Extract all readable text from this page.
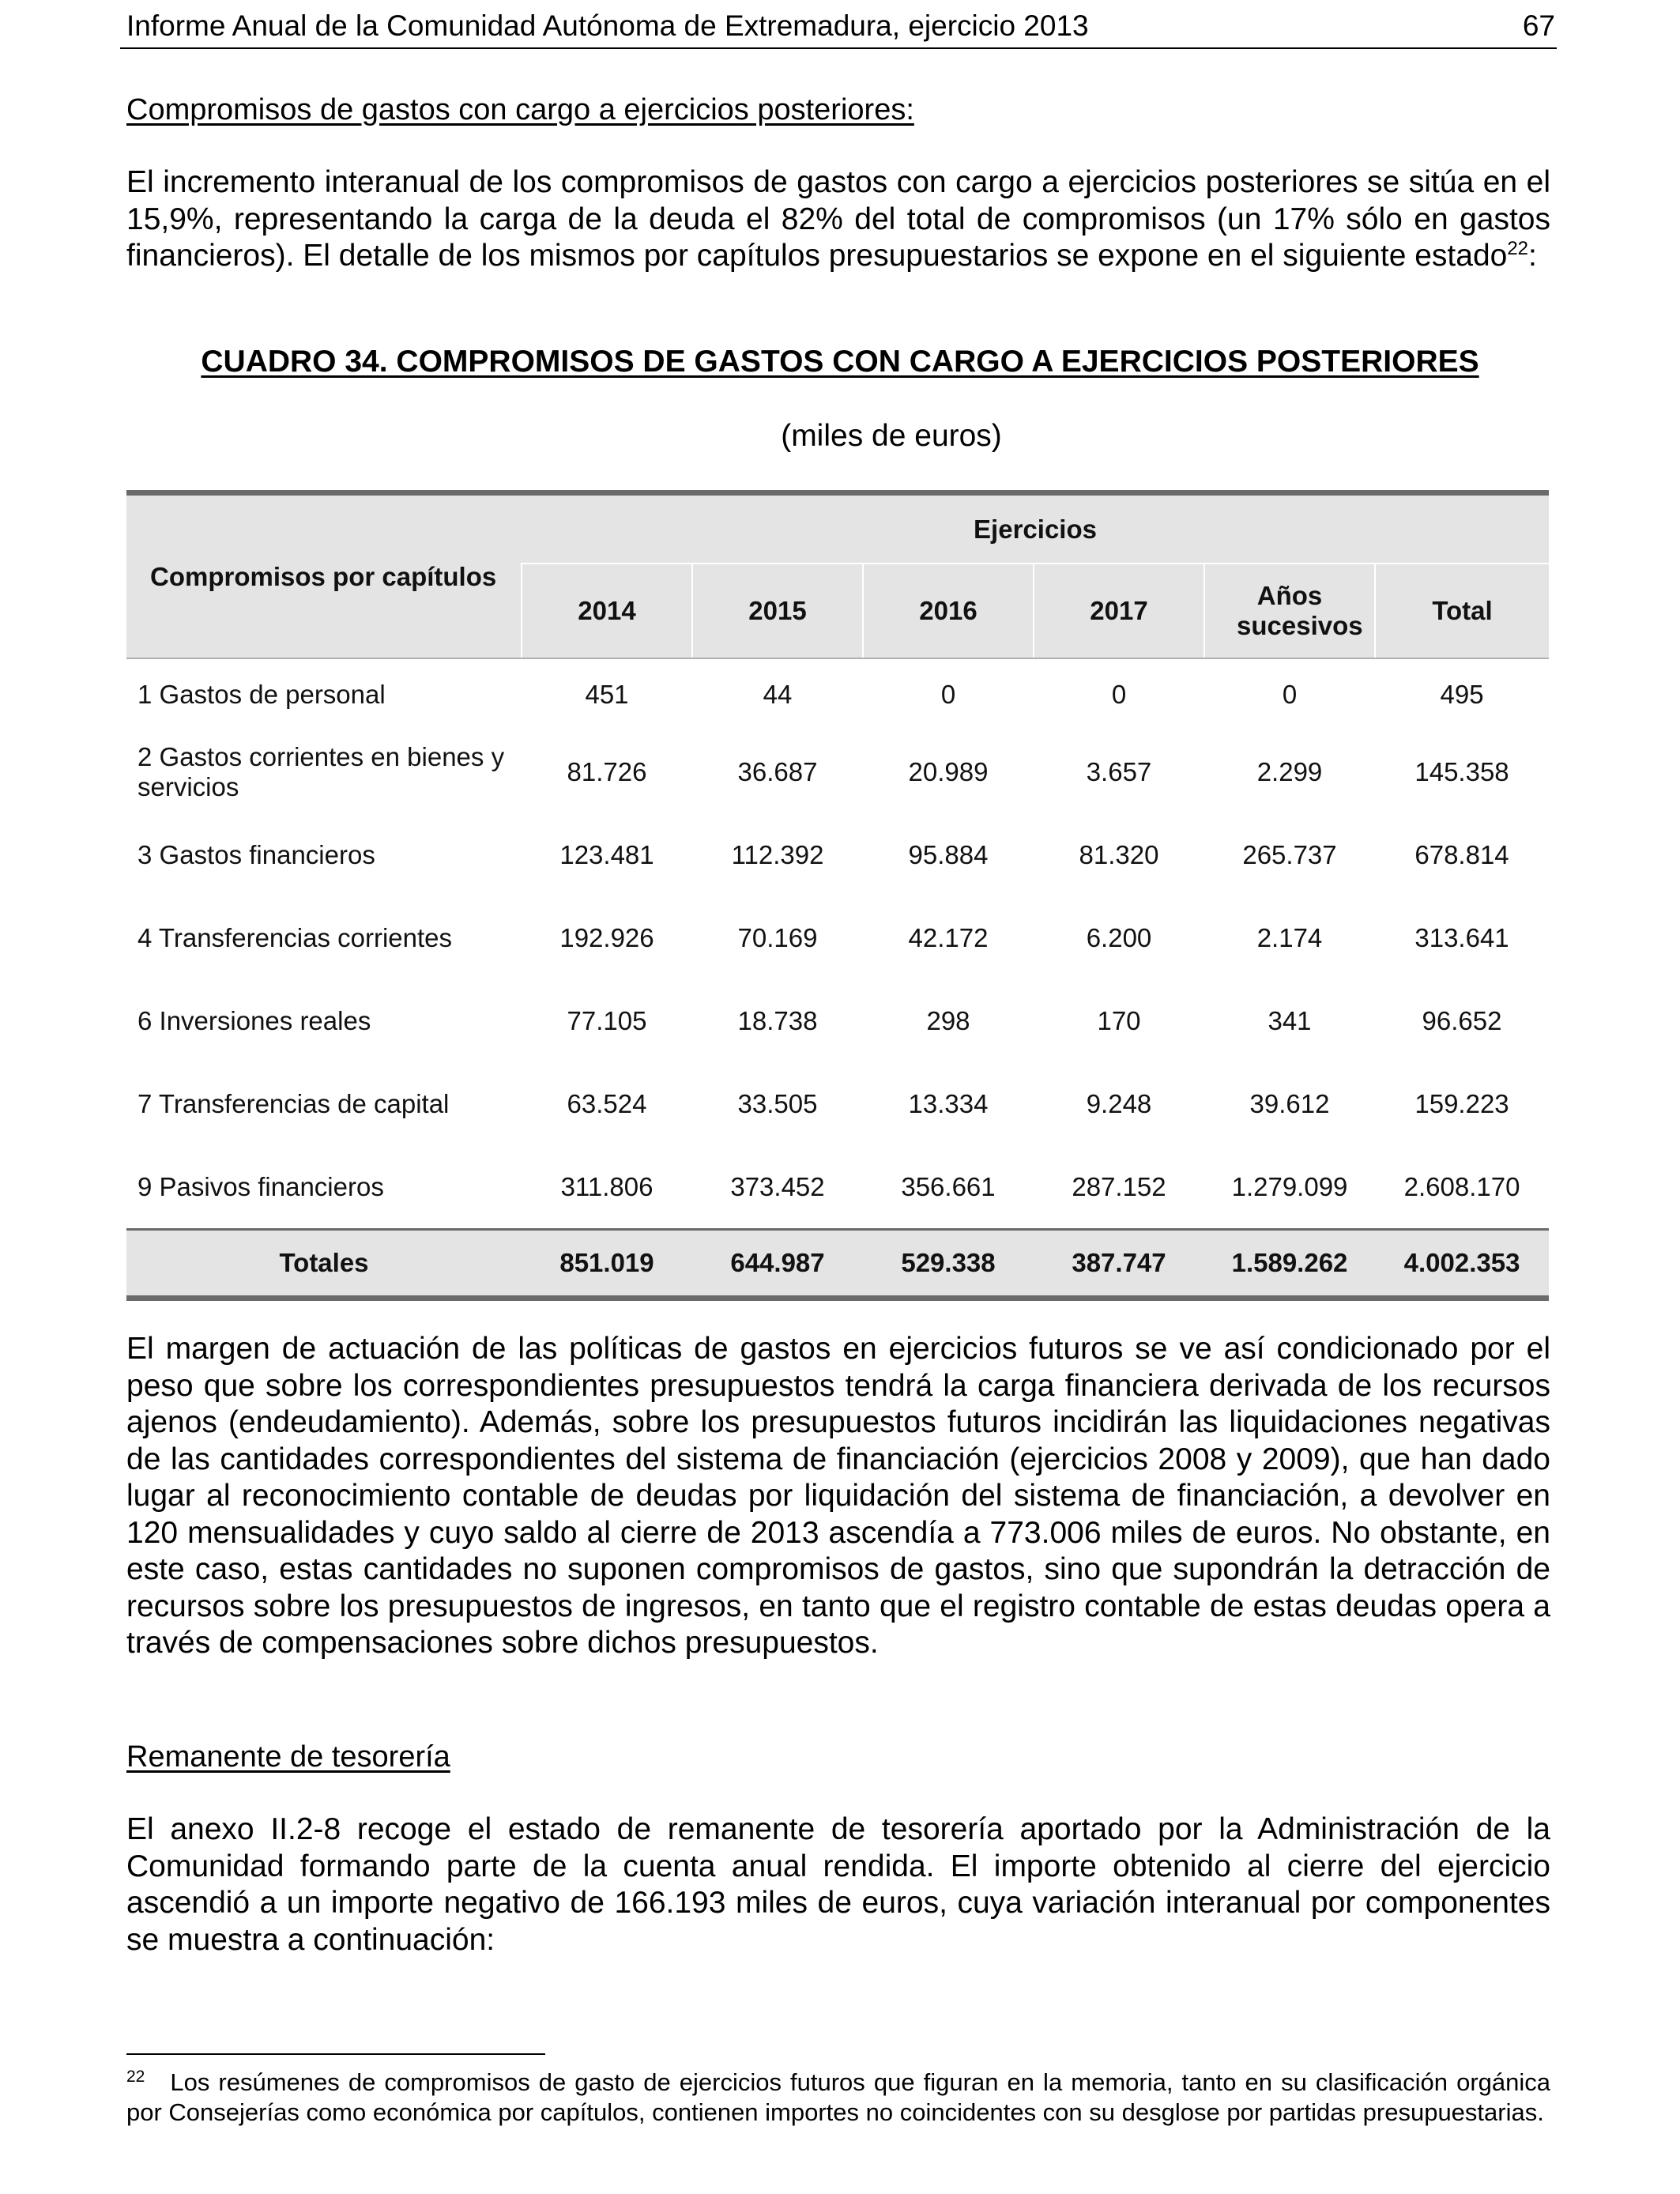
Informe Anual de la Comunidad Autónoma de Extremadura, ejercicio 2013	67
Compromisos de gastos con cargo a ejercicios posteriores:

El incremento interanual de los compromisos de gastos con cargo a ejercicios posteriores se sitúa en el 15,9%, representando la carga de la deuda el 82% del total de compromisos (un 17% sólo en gastos financieros). El detalle de los mismos por capítulos presupuestarios se expone en el siguiente estado$^{22}$:

CUADRO 34. COMPROMISOS DE GASTOS CON CARGO A EJERCICIOS POSTERIORES
(miles de euros)
Compromisos por capítulos	Ejercicios					
	2014	2015	2016	2017	Años sucesivos	Total
1 Gastos de personal	451	44	0	0	0	495
2 Gastos corrientes en bienes y servicios	81.726	36.687	20.989	3.657	2.299	145.358
3 Gastos financieros	123.481	112.392	95.884	81.320	265.737	678.814
4 Transferencias corrientes	192.926	70.169	42.172	6.200	2.174	313.641
6 Inversiones reales	77.105	18.738	298	170	341	96.652
7 Transferencias de capital	63.524	33.505	13.334	9.248	39.612	159.223
9 Pasivos financieros	311.806	373.452	356.661	287.152	1.279.099	2.608.170
Totales	851.019	644.987	529.338	387.747	1.589.262	4.002.353

El margen de actuación de las políticas de gastos en ejercicios futuros se ve así condicionado por el peso que sobre los correspondientes presupuestos tendrá la carga financiera derivada de los recursos ajenos (endeudamiento). Además, sobre los presupuestos futuros incidirán las liquidaciones negativas de las cantidades correspondientes del sistema de financiación (ejercicios 2008 y 2009), que han dado lugar al reconocimiento contable de deudas por liquidación del sistema de financiación, a devolver en 120 mensualidades y cuyo saldo al cierre de 2013 ascendía a 773.006 miles de euros. No obstante, en este caso, estas cantidades no suponen compromisos de gastos, sino que supondrán la detracción de recursos sobre los presupuestos de ingresos, en tanto que el registro contable de estas deudas opera a través de compensaciones sobre dichos presupuestos.

Remanente de tesorería

El anexo II.2-8 recoge el estado de remanente de tesorería aportado por la Administración de la Comunidad formando parte de la cuenta anual rendida. El importe obtenido al cierre del ejercicio ascendió a un importe negativo de 166.193 miles de euros, cuya variación interanual por componentes se muestra a continuación:

$^{22}$ Los resúmenes de compromisos de gasto de ejercicios futuros que figuran en la memoria, tanto en su clasificación orgánica por Consejerías como económica por capítulos, contienen importes no coincidentes con su desglose por partidas presupuestarias.
